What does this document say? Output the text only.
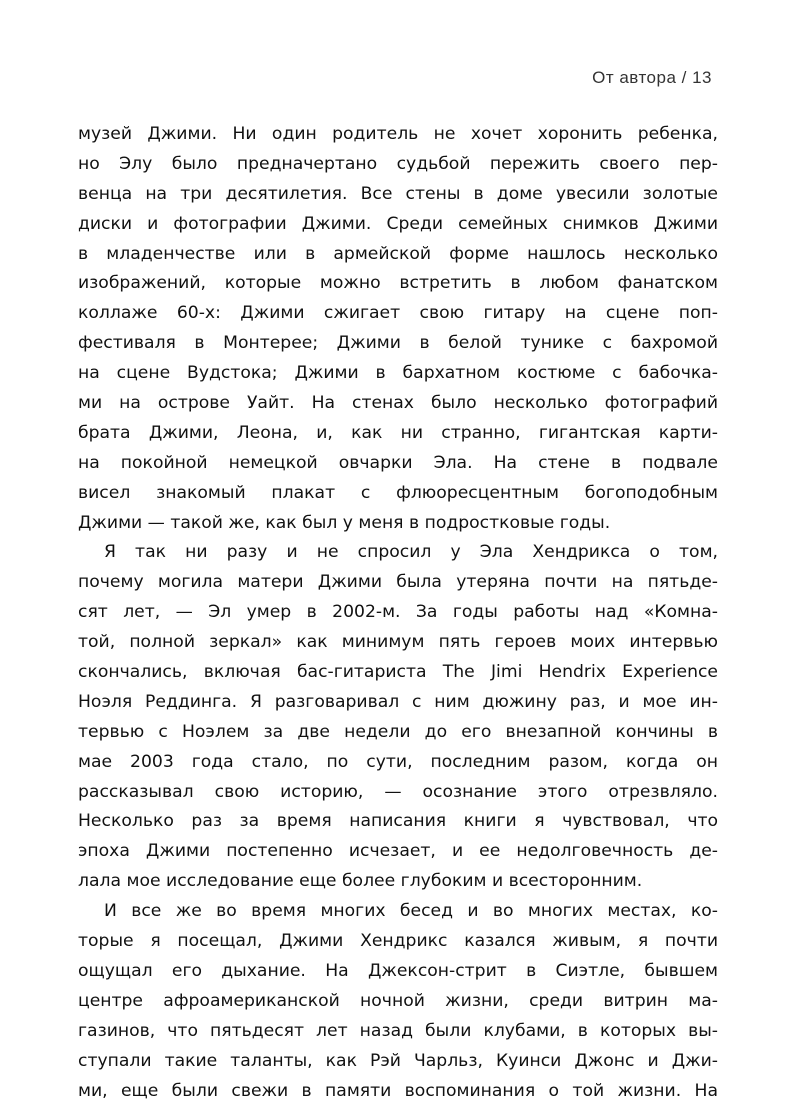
От автора / 13

музей Джими. Ни один родитель не хочет хоронить ребенка,
но Элу было предначертано судьбой пережить своего пер-
венца на три десятилетия. Все стены в доме увесили золотые
диски и фотографии Джими. Среди семейных снимков Джими
в младенчестве или в армейской форме нашлось несколько
изображений, которые можно встретить в любом фанатском
коллаже 60-х: Джими сжигает свою гитару на сцене поп-
фестиваля в Монтерее; Джими в белой тунике с бахромой
на сцене Вудстока; Джими в бархатном костюме с бабочка-
ми на острове Уайт. На стенах было несколько фотографий
брата Джими, Леона, и, как ни странно, гигантская карти-
на покойной немецкой овчарки Эла. На стене в подвале
висел знакомый плакат с флюоресцентным богоподобным
Джими — такой же, как был у меня в подростковые годы.

Я так ни разу и не спросил у Эла Хендрикса о том,
почему могила матери Джими была утеряна почти на пятьде-
сят лет, — Эл умер в 2002-м. За годы работы над «Комна-
той, полной зеркал» как минимум пять героев моих интервью
скончались, включая бас-гитариста The Jimi Hendrix Experience
Ноэля Реддинга. Я разговаривал с ним дюжину раз, и мое ин-
тервью с Ноэлем за две недели до его внезапной кончины в
мае 2003 года стало, по сути, последним разом, когда он
рассказывал свою историю, — осознание этого отрезвляло.
Несколько раз за время написания книги я чувствовал, что
эпоха Джими постепенно исчезает, и ее недолговечность де-
лала мое исследование еще более глубоким и всесторонним.

И все же во время многих бесед и во многих местах, ко-
торые я посещал, Джими Хендрикс казался живым, я почти
ощущал его дыхание. На Джексон-стрит в Сиэтле, бывшем
центре афроамериканской ночной жизни, среди витрин ма-
газинов, что пятьдесят лет назад были клубами, в которых вы-
ступали такие таланты, как Рэй Чарльз, Куинси Джонс и Джи-
ми, еще были свежи в памяти воспоминания о той жизни. На
